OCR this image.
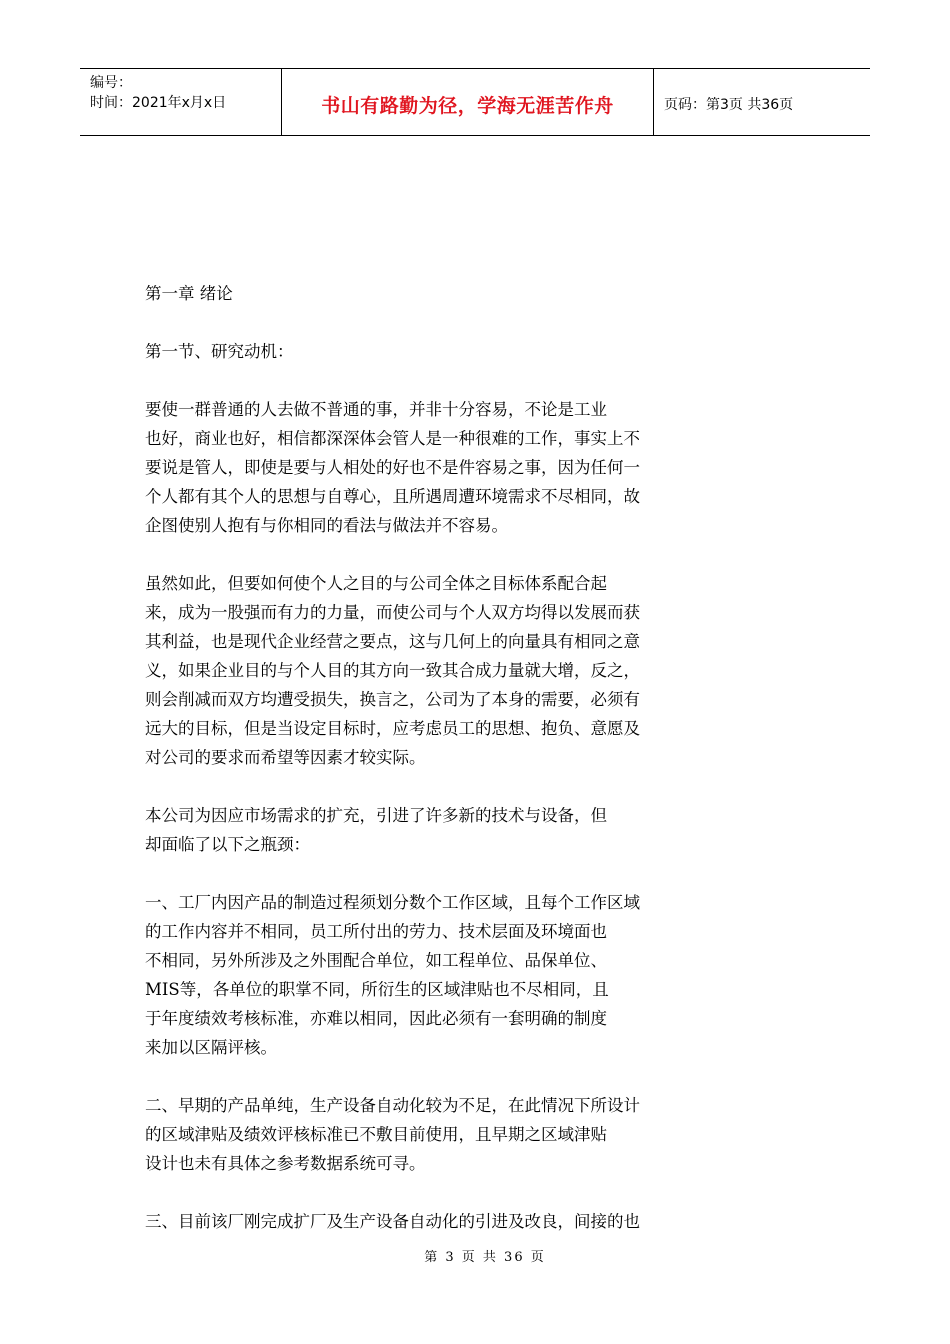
编号：
时间：2021年x月x日	书山有路勤为径，学海无涯苦作舟	页码：第3页 共36页

第一章 绪论

第一节、研究动机：

要使一群普通的人去做不普通的事，并非十分容易，不论是工业
也好，商业也好，相信都深深体会管人是一种很难的工作，事实上不
要说是管人，即使是要与人相处的好也不是件容易之事，因为任何一
个人都有其个人的思想与自尊心，且所遇周遭环境需求不尽相同，故
企图使别人抱有与你相同的看法与做法并不容易。

虽然如此，但要如何使个人之目的与公司全体之目标体系配合起
来，成为一股强而有力的力量，而使公司与个人双方均得以发展而获
其利益，也是现代企业经营之要点，这与几何上的向量具有相同之意
义，如果企业目的与个人目的其方向一致其合成力量就大增，反之，
则会削减而双方均遭受损失，换言之，公司为了本身的需要，必须有
远大的目标，但是当设定目标时，应考虑员工的思想、抱负、意愿及
对公司的要求而希望等因素才较实际。

本公司为因应市场需求的扩充，引进了许多新的技术与设备，但
却面临了以下之瓶颈：

一、工厂内因产品的制造过程须划分数个工作区域，且每个工作区域
的工作内容并不相同，员工所付出的劳力、技术层面及环境面也
不相同，另外所涉及之外围配合单位，如工程单位、品保单位、
MIS等，各单位的职掌不同，所衍生的区域津贴也不尽相同，且
于年度绩效考核标准，亦难以相同，因此必须有一套明确的制度
来加以区隔评核。

二、早期的产品单纯，生产设备自动化较为不足，在此情况下所设计
的区域津贴及绩效评核标准已不敷目前使用，且早期之区域津贴
设计也未有具体之参考数据系统可寻。

三、目前该厂刚完成扩厂及生产设备自动化的引进及改良，间接的也

第 3 页 共 36 页
